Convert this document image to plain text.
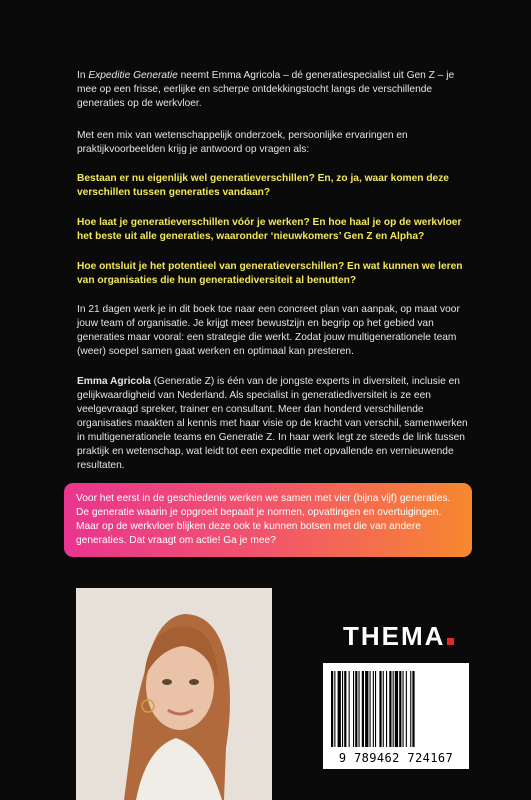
In Expeditie Generatie neemt Emma Agricola – dé generatiespecialist uit Gen Z – je mee op een frisse, eerlijke en scherpe ontdekkingstocht langs de verschillende generaties op de werkvloer.
Met een mix van wetenschappelijk onderzoek, persoonlijke ervaringen en praktijkvoorbeelden krijg je antwoord op vragen als:
Bestaan er nu eigenlijk wel generatieverschillen? En, zo ja, waar komen deze verschillen tussen generaties vandaan?
Hoe laat je generatieverschillen vóór je werken? En hoe haal je op de werkvloer het beste uit alle generaties, waaronder ‘nieuwkomers’ Gen Z en Alpha?
Hoe ontsluit je het potentieel van generatieverschillen? En wat kunnen we leren van organisaties die hun generatiediversiteit al benutten?
In 21 dagen werk je in dit boek toe naar een concreet plan van aanpak, op maat voor jouw team of organisatie. Je krijgt meer bewustzijn en begrip op het gebied van generaties maar vooral: een strategie die werkt. Zodat jouw multigenerationele team (weer) soepel samen gaat werken en optimaal kan presteren.
Emma Agricola (Generatie Z) is één van de jongste experts in diversiteit, inclusie en gelijkwaardigheid van Nederland. Als specialist in generatiediversiteit is ze een veelgevraagd spreker, trainer en consultant. Meer dan honderd verschillende organisaties maakten al kennis met haar visie op de kracht van verschil, samenwerken in multigenerationele teams en Generatie Z. In haar werk legt ze steeds de link tussen praktijk en wetenschap, wat leidt tot een expeditie met opvallende en vernieuwende resultaten.
Voor het eerst in de geschiedenis werken we samen met vier (bijna vijf) generaties. De generatie waarin je opgroeit bepaalt je normen, opvattingen en overtuigingen. Maar op de werkvloer blijken deze ook te kunnen botsen met die van andere generaties. Dat vraagt om actie! Ga je mee?
THEMA
9 789462 724167
